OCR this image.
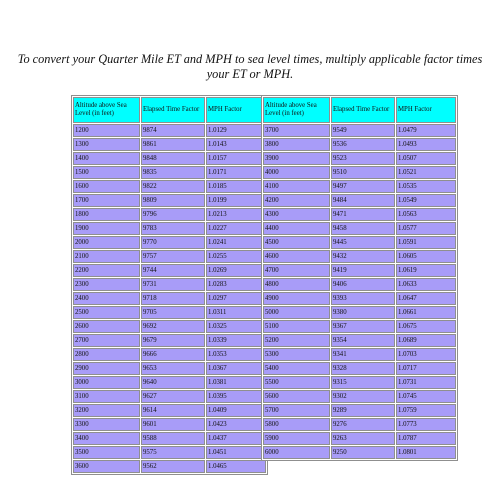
To convert your Quarter Mile ET and MPH to sea level times, multiply applicable factor times
your ET or MPH.
Altitude above Sea Level (in feet)	Elapsed Time Factor	MPH Factor
1200	9874	1.0129
1300	9861	1.0143
1400	9848	1.0157
1500	9835	1.0171
1600	9822	1.0185
1700	9809	1.0199
1800	9796	1.0213
1900	9783	1.0227
2000	9770	1.0241
2100	9757	1.0255
2200	9744	1.0269
2300	9731	1.0283
2400	9718	1.0297
2500	9705	1.0311
2600	9692	1.0325
2700	9679	1.0339
2800	9666	1.0353
2900	9653	1.0367
3000	9640	1.0381
3100	9627	1.0395
3200	9614	1.0409
3300	9601	1.0423
3400	9588	1.0437
3500	9575	1.0451
3600	9562	1.0465
Altitude above Sea Level (in feet)	Elapsed Time Factor	MPH Factor
3700	9549	1.0479
3800	9536	1.0493
3900	9523	1.0507
4000	9510	1.0521
4100	9497	1.0535
4200	9484	1.0549
4300	9471	1.0563
4400	9458	1.0577
4500	9445	1.0591
4600	9432	1.0605
4700	9419	1.0619
4800	9406	1.0633
4900	9393	1.0647
5000	9380	1.0661
5100	9367	1.0675
5200	9354	1.0689
5300	9341	1.0703
5400	9328	1.0717
5500	9315	1.0731
5600	9302	1.0745
5700	9289	1.0759
5800	9276	1.0773
5900	9263	1.0787
6000	9250	1.0801
